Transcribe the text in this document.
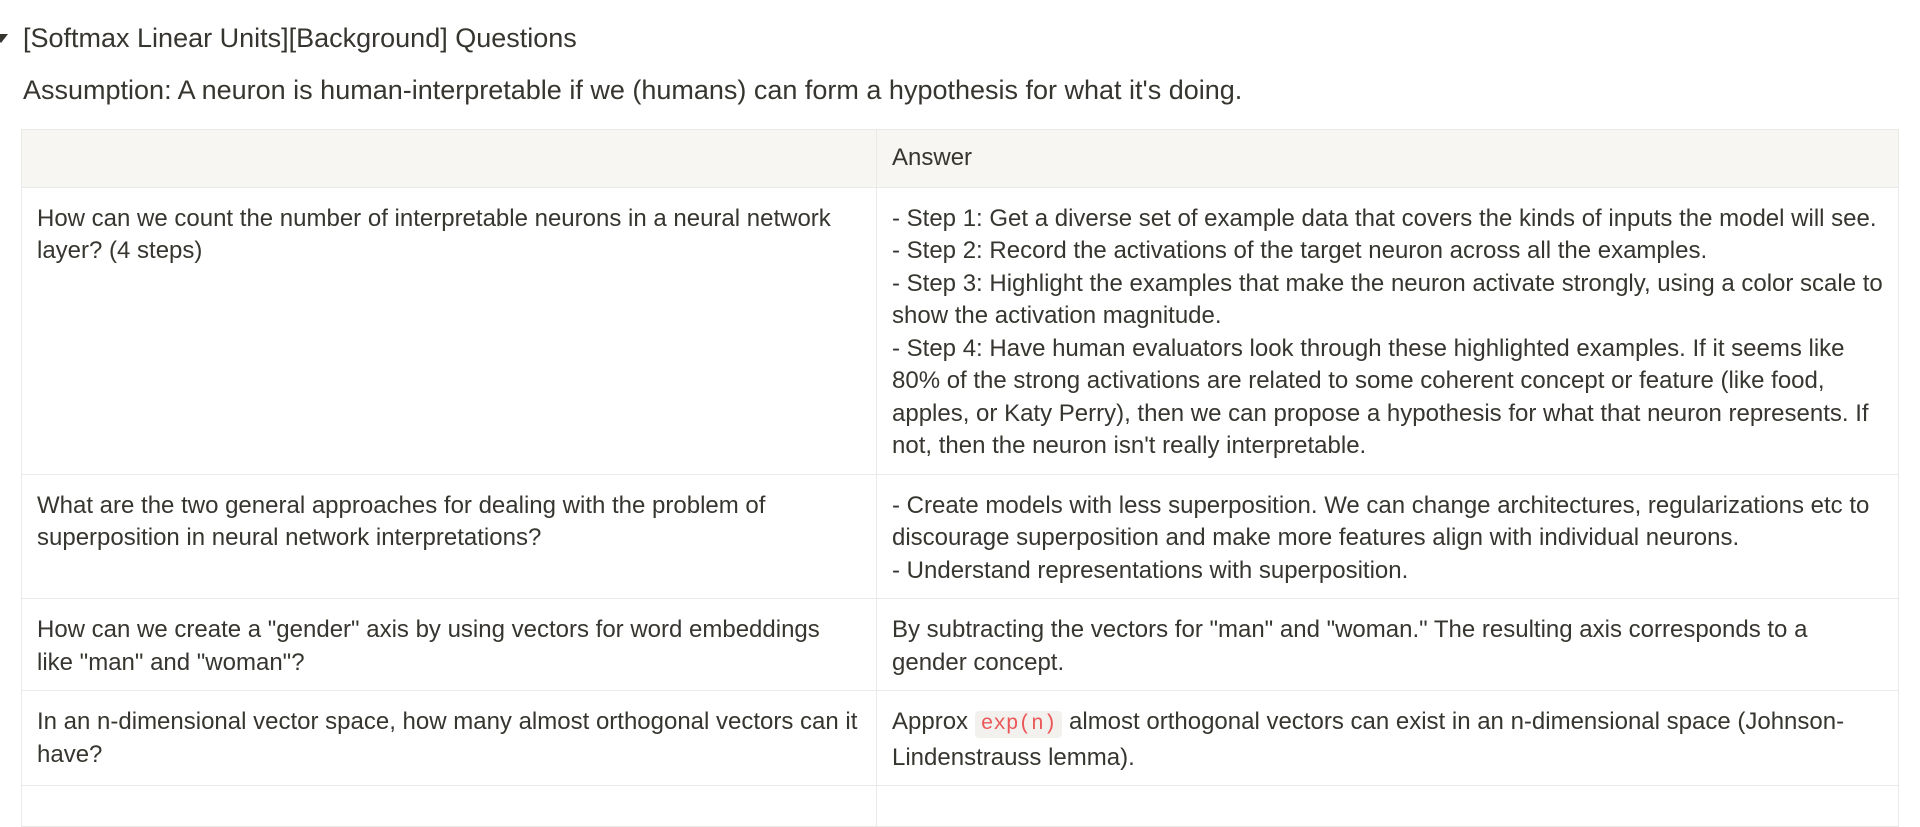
[Softmax Linear Units][Background] Questions
Assumption: A neuron is human-interpretable if we (humans) can form a hypothesis for what it's doing.
	Answer
How can we count the number of interpretable neurons in a neural network layer? (4 steps)	- Step 1: Get a diverse set of example data that covers the kinds of inputs the model will see.
- Step 2: Record the activations of the target neuron across all the examples.
- Step 3: Highlight the examples that make the neuron activate strongly, using a color scale to show the activation magnitude.
- Step 4: Have human evaluators look through these highlighted examples. If it seems like 80% of the strong activations are related to some coherent concept or feature (like food, apples, or Katy Perry), then we can propose a hypothesis for what that neuron represents. If not, then the neuron isn't really interpretable.

What are the two general approaches for dealing with the problem of superposition in neural network interpretations?	- Create models with less superposition. We can change architectures, regularizations etc to discourage superposition and make more features align with individual neurons.
- Understand representations with superposition.

How can we create a "gender" axis by using vectors for word embeddings like "man" and "woman"?	By subtracting the vectors for "man" and "woman." The resulting axis corresponds to a gender concept.

In an n-dimensional vector space, how many almost orthogonal vectors can it have?	Approx exp(n) almost orthogonal vectors can exist in an n-dimensional space (Johnson-Lindenstrauss lemma).
